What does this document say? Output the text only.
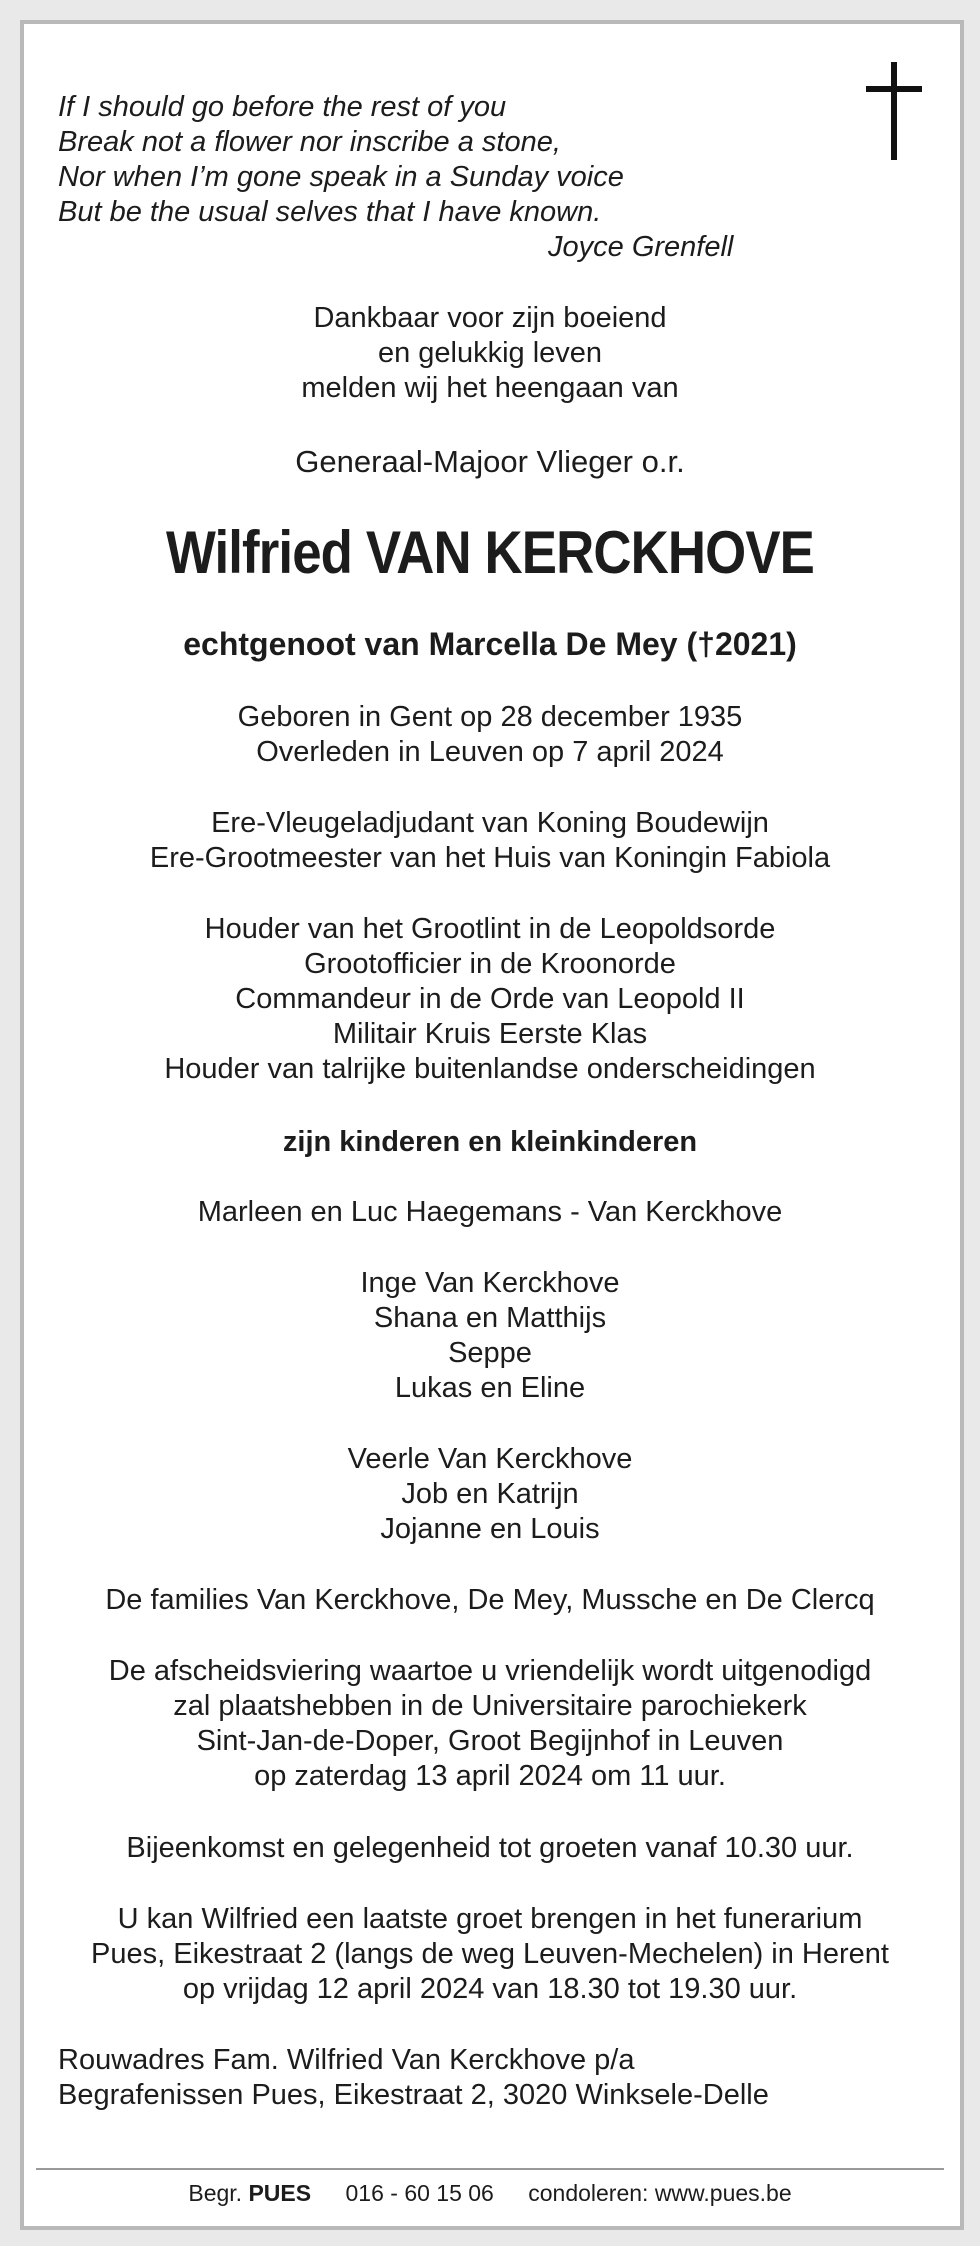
If I should go before the rest of you
Break not a flower nor inscribe a stone,
Nor when I’m gone speak in a Sunday voice
But be the usual selves that I have known.
Joyce Grenfell
Dankbaar voor zijn boeiend
en gelukkig leven
melden wij het heengaan van
Generaal-Majoor Vlieger o.r.
Wilfried VAN KERCKHOVE
echtgenoot van Marcella De Mey (†2021)
Geboren in Gent op 28 december 1935
Overleden in Leuven op 7 april 2024
Ere-Vleugeladjudant van Koning Boudewijn
Ere-Grootmeester van het Huis van Koningin Fabiola
Houder van het Grootlint in de Leopoldsorde
Grootofficier in de Kroonorde
Commandeur in de Orde van Leopold II
Militair Kruis Eerste Klas
Houder van talrijke buitenlandse onderscheidingen
zijn kinderen en kleinkinderen
Marleen en Luc Haegemans - Van Kerckhove
Inge Van Kerckhove
Shana en Matthijs
Seppe
Lukas en Eline
Veerle Van Kerckhove
Job en Katrijn
Jojanne en Louis
De families Van Kerckhove, De Mey, Mussche en De Clercq
De afscheidsviering waartoe u vriendelijk wordt uitgenodigd
zal plaatshebben in de Universitaire parochiekerk
Sint-Jan-de-Doper, Groot Begijnhof in Leuven
op zaterdag 13 april 2024 om 11 uur.
Bijeenkomst en gelegenheid tot groeten vanaf 10.30 uur.
U kan Wilfried een laatste groet brengen in het funerarium
Pues, Eikestraat 2 (langs de weg Leuven-Mechelen) in Herent
op vrijdag 12 april 2024 van 18.30 tot 19.30 uur.
Rouwadres Fam. Wilfried Van Kerckhove p/a
Begrafenissen Pues, Eikestraat 2, 3020 Winksele-Delle
Begr. PUES 016 - 60 15 06 condoleren: www.pues.be
